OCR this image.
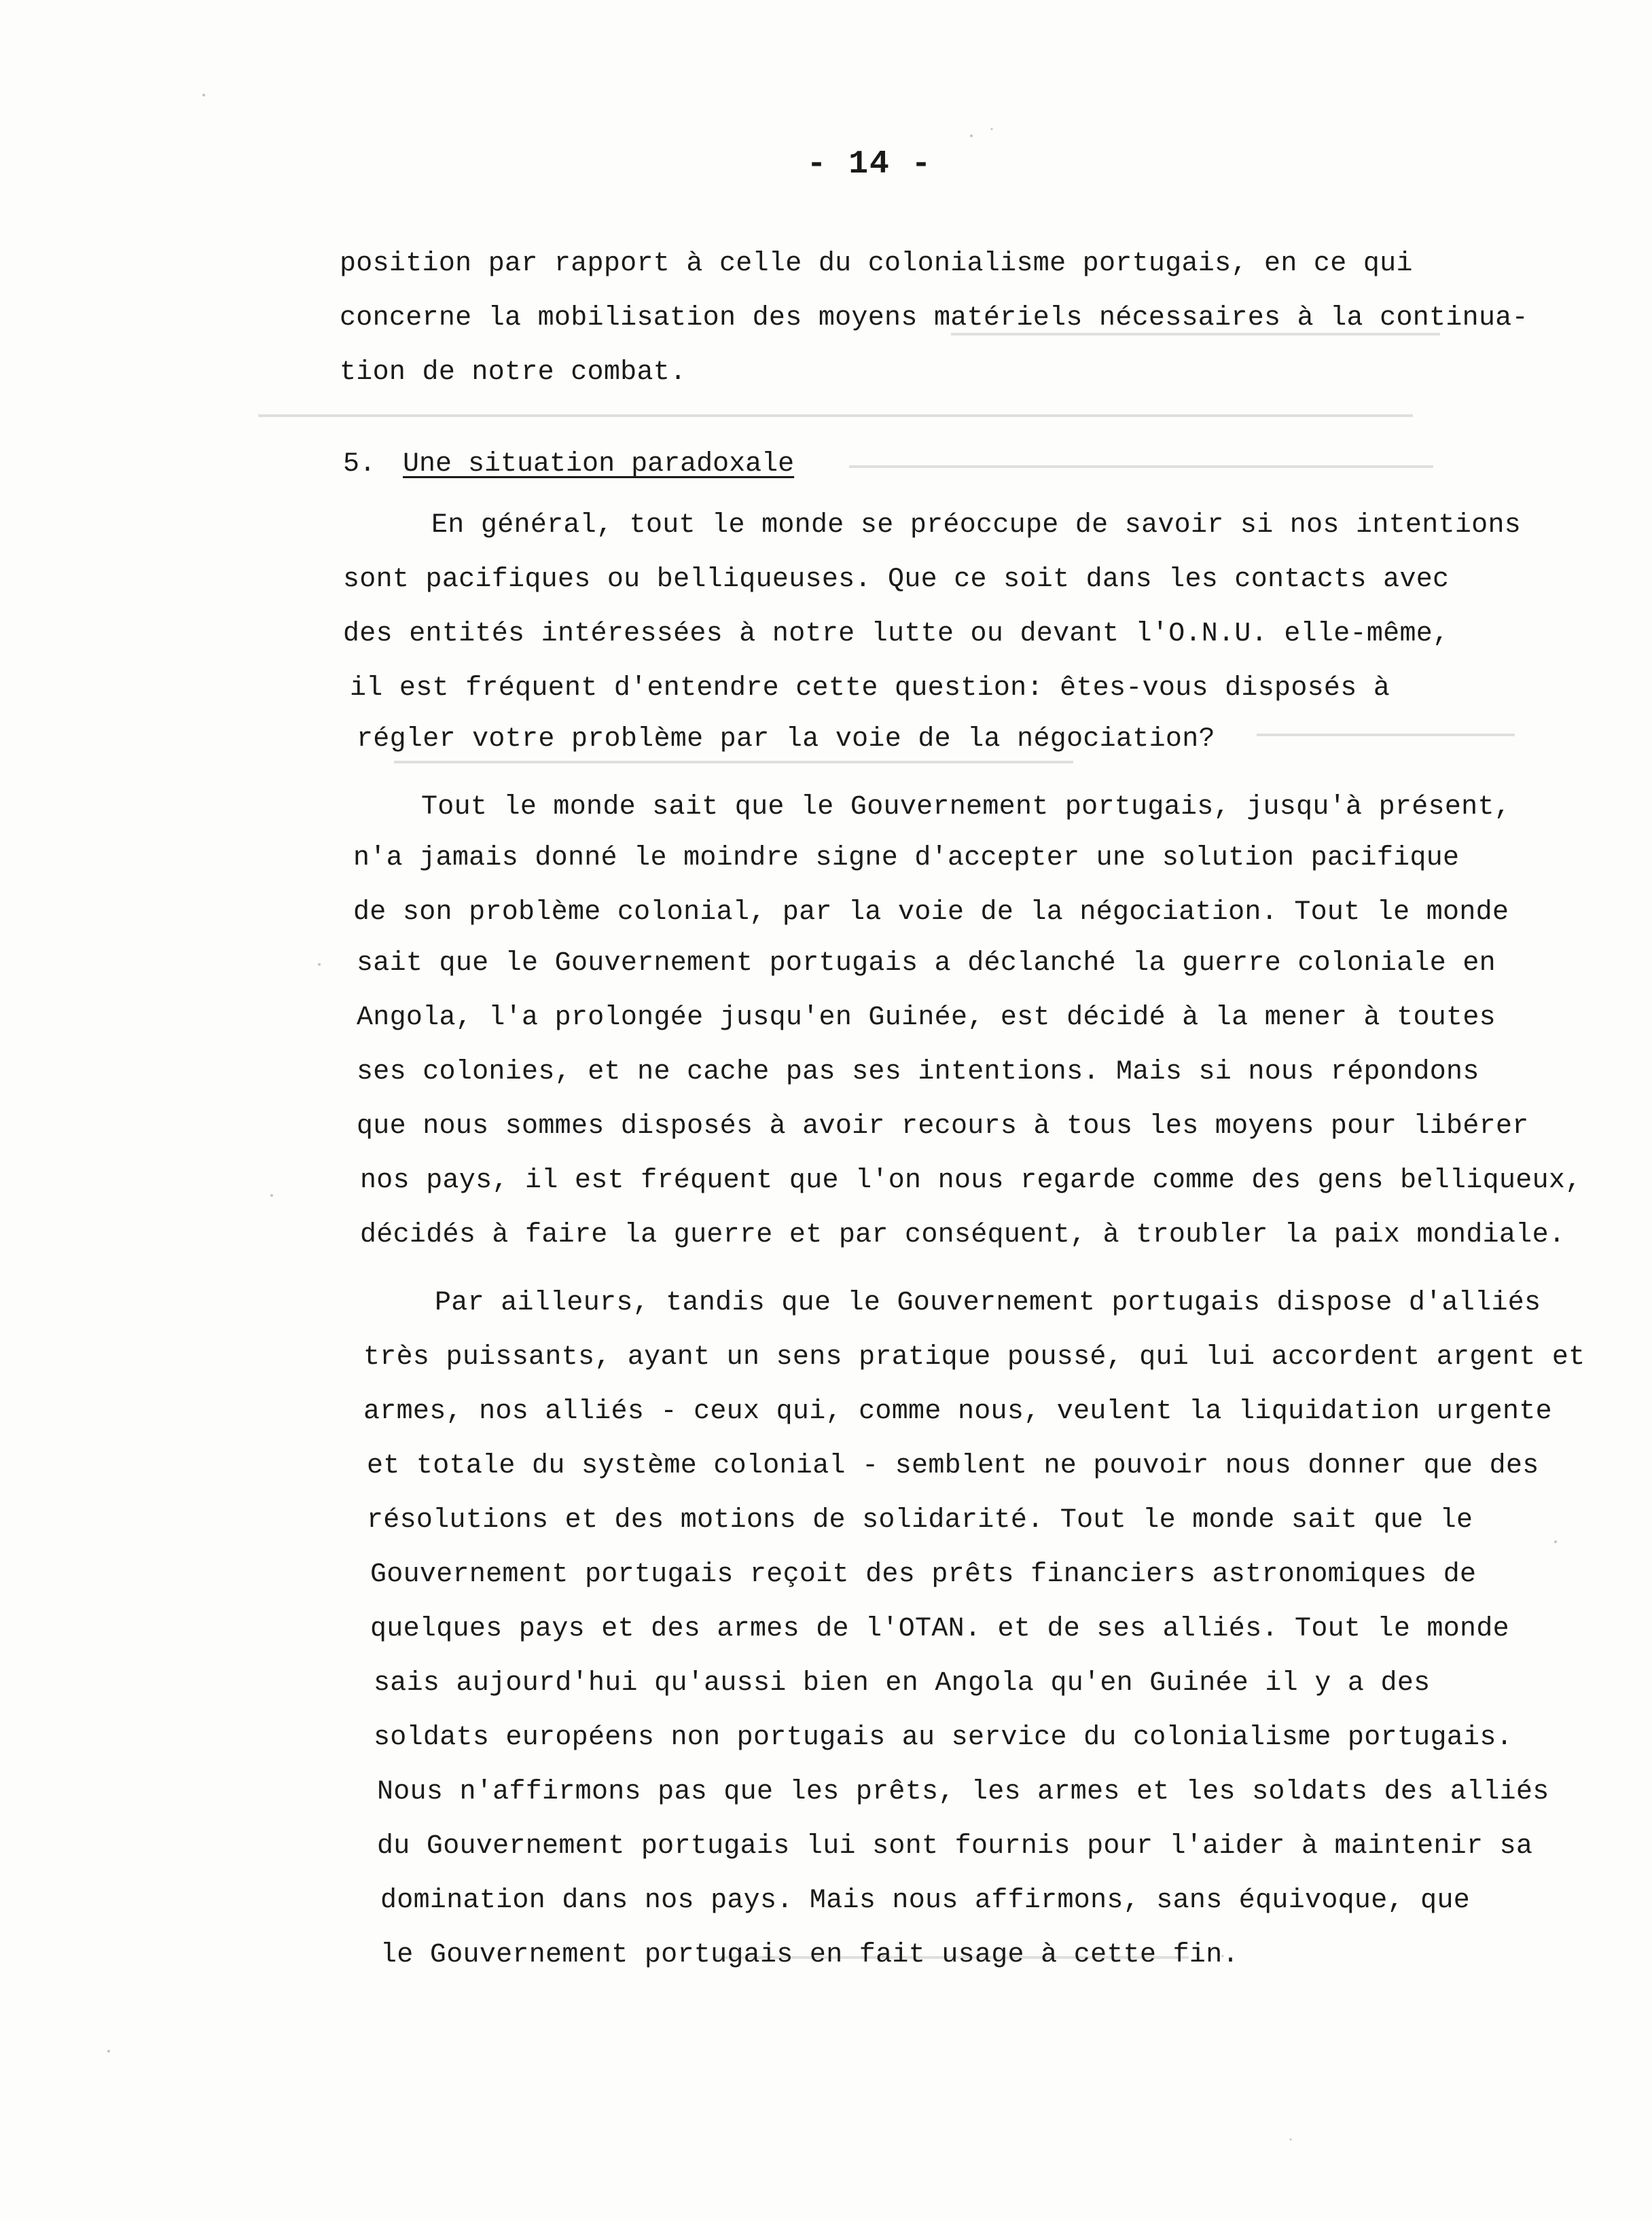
- 14 -
position par rapport à celle du colonialisme portugais, en ce qui
concerne la mobilisation des moyens matériels nécessaires à la continua-
tion de notre combat.
5. Une situation paradoxale
En général, tout le monde se préoccupe de savoir si nos intentions
sont pacifiques ou belliqueuses. Que ce soit dans les contacts avec
des entités intéressées à notre lutte ou devant l'O.N.U. elle-même,
il est fréquent d'entendre cette question: êtes-vous disposés à
régler votre problème par la voie de la négociation?
Tout le monde sait que le Gouvernement portugais, jusqu'à présent,
n'a jamais donné le moindre signe d'accepter une solution pacifique
de son problème colonial, par la voie de la négociation. Tout le monde
sait que le Gouvernement portugais a déclanché la guerre coloniale en
Angola, l'a prolongée jusqu'en Guinée, est décidé à la mener à toutes
ses colonies, et ne cache pas ses intentions. Mais si nous répondons
que nous sommes disposés à avoir recours à tous les moyens pour libérer
nos pays, il est fréquent que l'on nous regarde comme des gens belliqueux,
décidés à faire la guerre et par conséquent, à troubler la paix mondiale.
Par ailleurs, tandis que le Gouvernement portugais dispose d'alliés
très puissants, ayant un sens pratique poussé, qui lui accordent argent et
armes, nos alliés - ceux qui, comme nous, veulent la liquidation urgente
et totale du système colonial - semblent ne pouvoir nous donner que des
résolutions et des motions de solidarité. Tout le monde sait que le
Gouvernement portugais reçoit des prêts financiers astronomiques de
quelques pays et des armes de l'OTAN. et de ses alliés. Tout le monde
sais aujourd'hui qu'aussi bien en Angola qu'en Guinée il y a des
soldats européens non portugais au service du colonialisme portugais.
Nous n'affirmons pas que les prêts, les armes et les soldats des alliés
du Gouvernement portugais lui sont fournis pour l'aider à maintenir sa
domination dans nos pays. Mais nous affirmons, sans équivoque, que
le Gouvernement portugais en fait usage à cette fin.
